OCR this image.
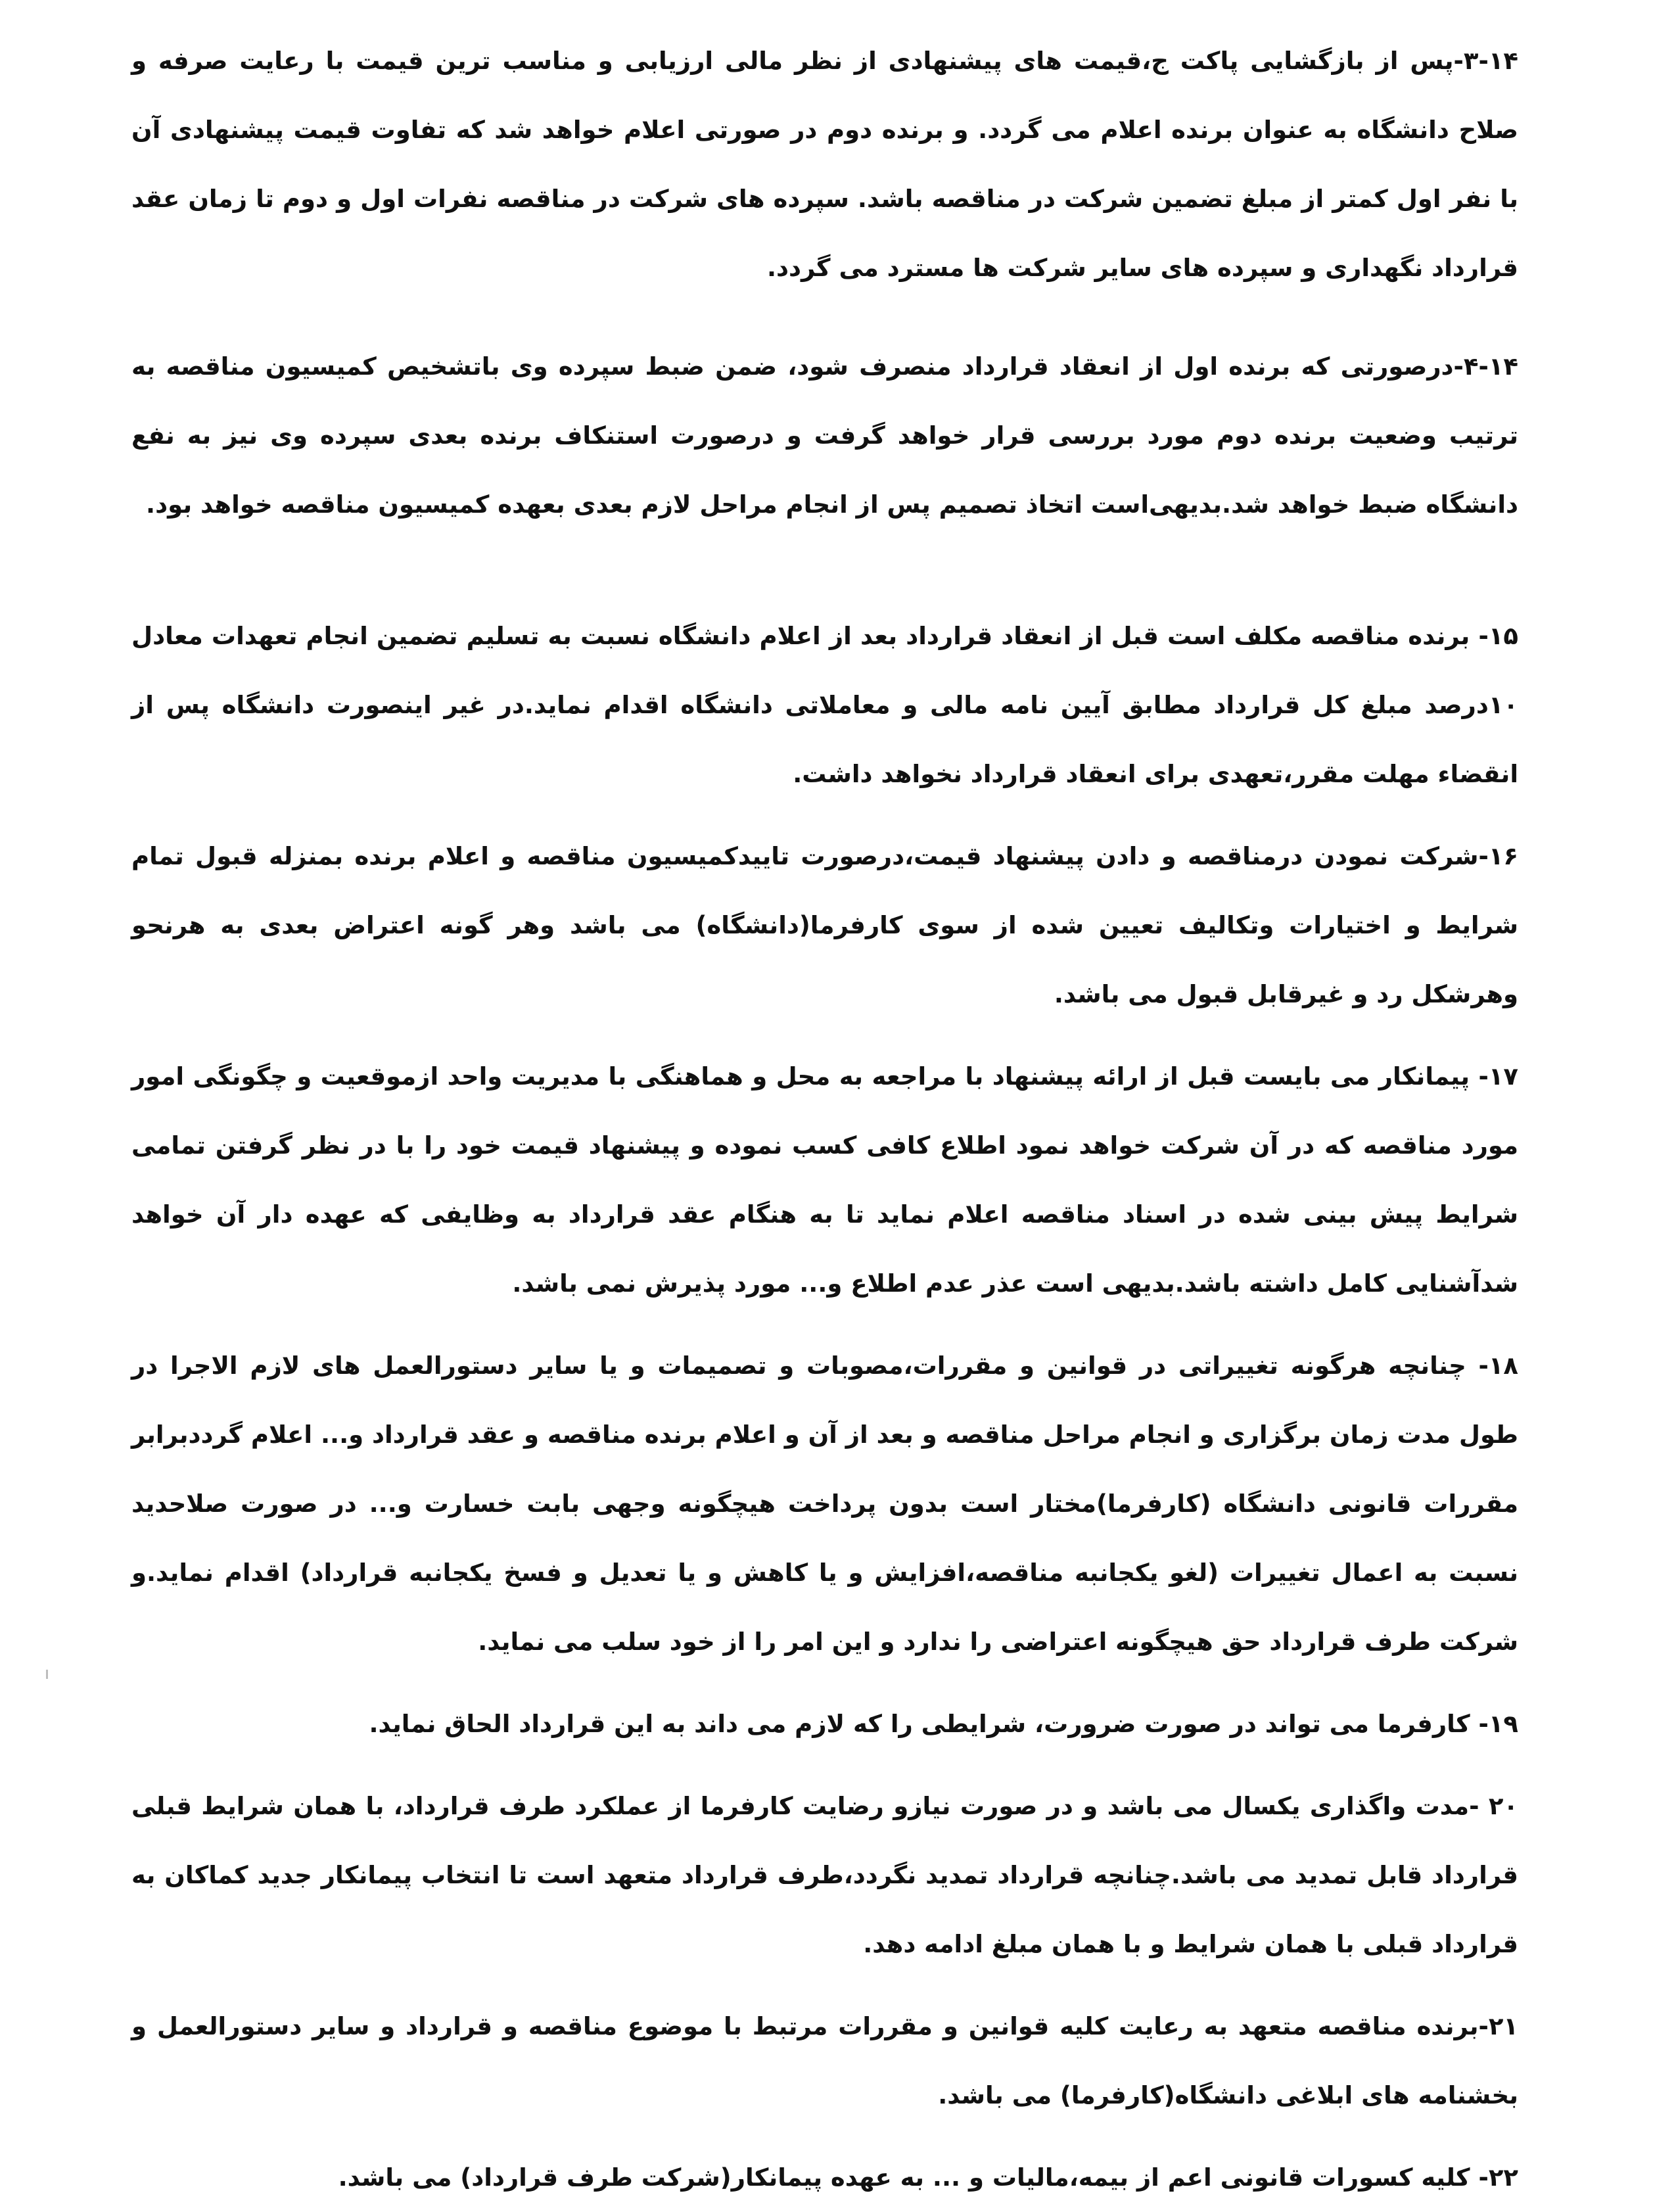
۳-۱۴-پس از بازگشایی پاکت ج،قیمت های پیشنهادی از نظر مالی ارزیابی و مناسب ترین قیمت با رعایت صرفه و صلاح دانشگاه به عنوان برنده اعلام می گردد. و برنده دوم در صورتی اعلام خواهد شد که تفاوت قیمت پیشنهادی آن با نفر اول کمتر از مبلغ تضمین شرکت در مناقصه باشد. سپرده های شرکت در مناقصه نفرات اول و دوم تا زمان عقد قرارداد نگهداری و سپرده های سایر شرکت ها مسترد می گردد.

۴-۱۴-درصورتی که برنده اول از انعقاد قرارداد منصرف شود، ضمن ضبط سپرده وی باتشخیص کمیسیون مناقصه به ترتیب وضعیت برنده دوم مورد بررسی قرار خواهد گرفت و درصورت استنکاف برنده بعدی سپرده وی نیز به نفع دانشگاه ضبط خواهد شد.بدیهی‌است اتخاذ تصمیم پس از انجام مراحل لازم بعدی بعهده کمیسیون مناقصه خواهد بود.

۱۵- برنده مناقصه مکلف است قبل از انعقاد قرارداد بعد از اعلام دانشگاه نسبت به تسلیم تضمین انجام تعهدات معادل ۱۰درصد مبلغ کل قرارداد مطابق آیین نامه مالی و معاملاتی دانشگاه اقدام نماید.در غیر اینصورت دانشگاه پس از انقضاء مهلت مقرر،تعهدی برای انعقاد قرارداد نخواهد داشت.

۱۶-شرکت نمودن درمناقصه و دادن پیشنهاد قیمت،درصورت تاییدکمیسیون مناقصه و اعلام برنده بمنزله قبول تمام شرایط و اختیارات وتکالیف تعیین شده از سوی کارفرما(دانشگاه) می باشد وهر گونه اعتراض بعدی به هرنحو وهرشکل رد و غیرقابل قبول می باشد.

۱۷- پیمانکار می بایست قبل از ارائه پیشنهاد با مراجعه به محل و هماهنگی با مدیریت واحد ازموقعیت و چگونگی امور مورد مناقصه که در آن شرکت خواهد نمود اطلاع کافی کسب نموده و پیشنهاد قیمت خود را با در نظر گرفتن تمامی شرایط پیش بینی شده در اسناد مناقصه اعلام نماید تا به هنگام عقد قرارداد به وظایفی که عهده دار آن خواهد شدآشنایی کامل داشته باشد.بدیهی است عذر عدم اطلاع و... مورد پذیرش نمی باشد.

۱۸- چنانچه هرگونه تغییراتی در قوانین و مقررات،مصوبات و تصمیمات و یا سایر دستورالعمل های لازم الاجرا در طول مدت زمان برگزاری و انجام مراحل مناقصه و بعد از آن و اعلام برنده مناقصه و عقد قرارداد و... اعلام گرددبرابر مقررات قانونی دانشگاه (کارفرما)مختار است بدون پرداخت هیچگونه وجهی بابت خسارت و... در صورت صلاحدید نسبت به اعمال تغییرات (لغو یکجانبه مناقصه،افزایش و یا کاهش و یا تعدیل و فسخ یکجانبه قرارداد) اقدام نماید.و شرکت طرف قرارداد حق هیچگونه اعتراضی را ندارد و این امر را از خود سلب می نماید.

۱۹- کارفرما می تواند در صورت ضرورت، شرایطی را که لازم می داند به این قرارداد الحاق نماید.

۲۰ -مدت واگذاری یکسال می باشد و در صورت نیازو رضایت کارفرما از عملکرد طرف قرارداد، با همان شرایط قبلی قرارداد قابل تمدید می باشد.چنانچه قرارداد تمدید نگردد،طرف قرارداد متعهد است تا انتخاب پیمانکار جدید کماکان به قرارداد قبلی با همان شرایط و با همان مبلغ ادامه دهد.

۲۱-برنده مناقصه متعهد به رعایت کلیه قوانین و مقررات مرتبط با موضوع مناقصه و قرارداد و سایر دستورالعمل و بخشنامه های ابلاغی دانشگاه(کارفرما) می باشد.

۲۲- کلیه کسورات قانونی اعم از بیمه،مالیات و ... به عهده پیمانکار(شرکت طرف قرارداد) می باشد.
